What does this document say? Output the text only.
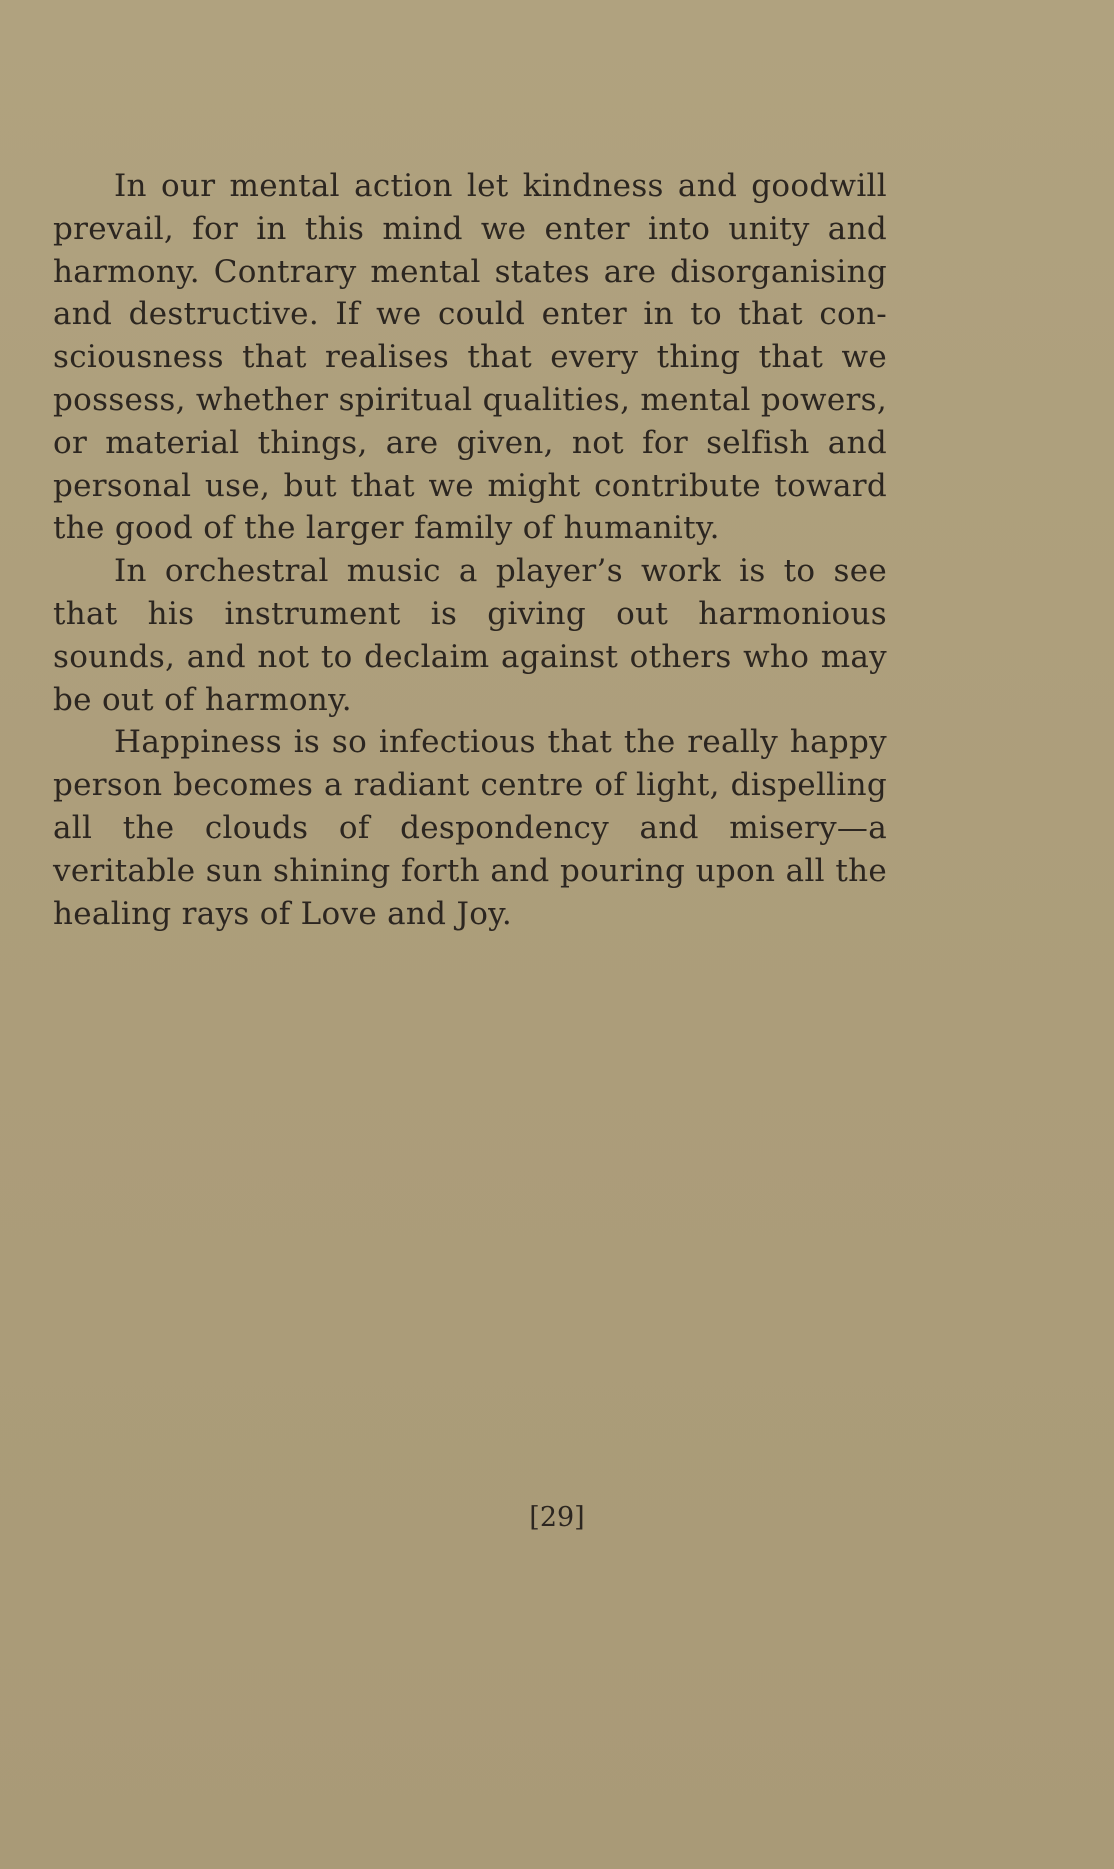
In our mental action let kindness and goodwill prevail, for in this mind we enter into unity and harmony. Contrary mental states are disorganising and destructive. If we could enter in to that con-sciousness that realises that every thing that we possess, whether spiritual qualities, mental powers, or material things, are given, not for selfish and personal use, but that we might contribute toward the good of the larger family of humanity.

In orchestral music a player’s work is to see that his instrument is giving out harmonious sounds, and not to declaim against others who may be out of harmony.

Happiness is so infectious that the really happy person becomes a radiant centre of light, dispelling all the clouds of despondency and misery—a veritable sun shining forth and pouring upon all the healing rays of Love and Joy.

[29]
